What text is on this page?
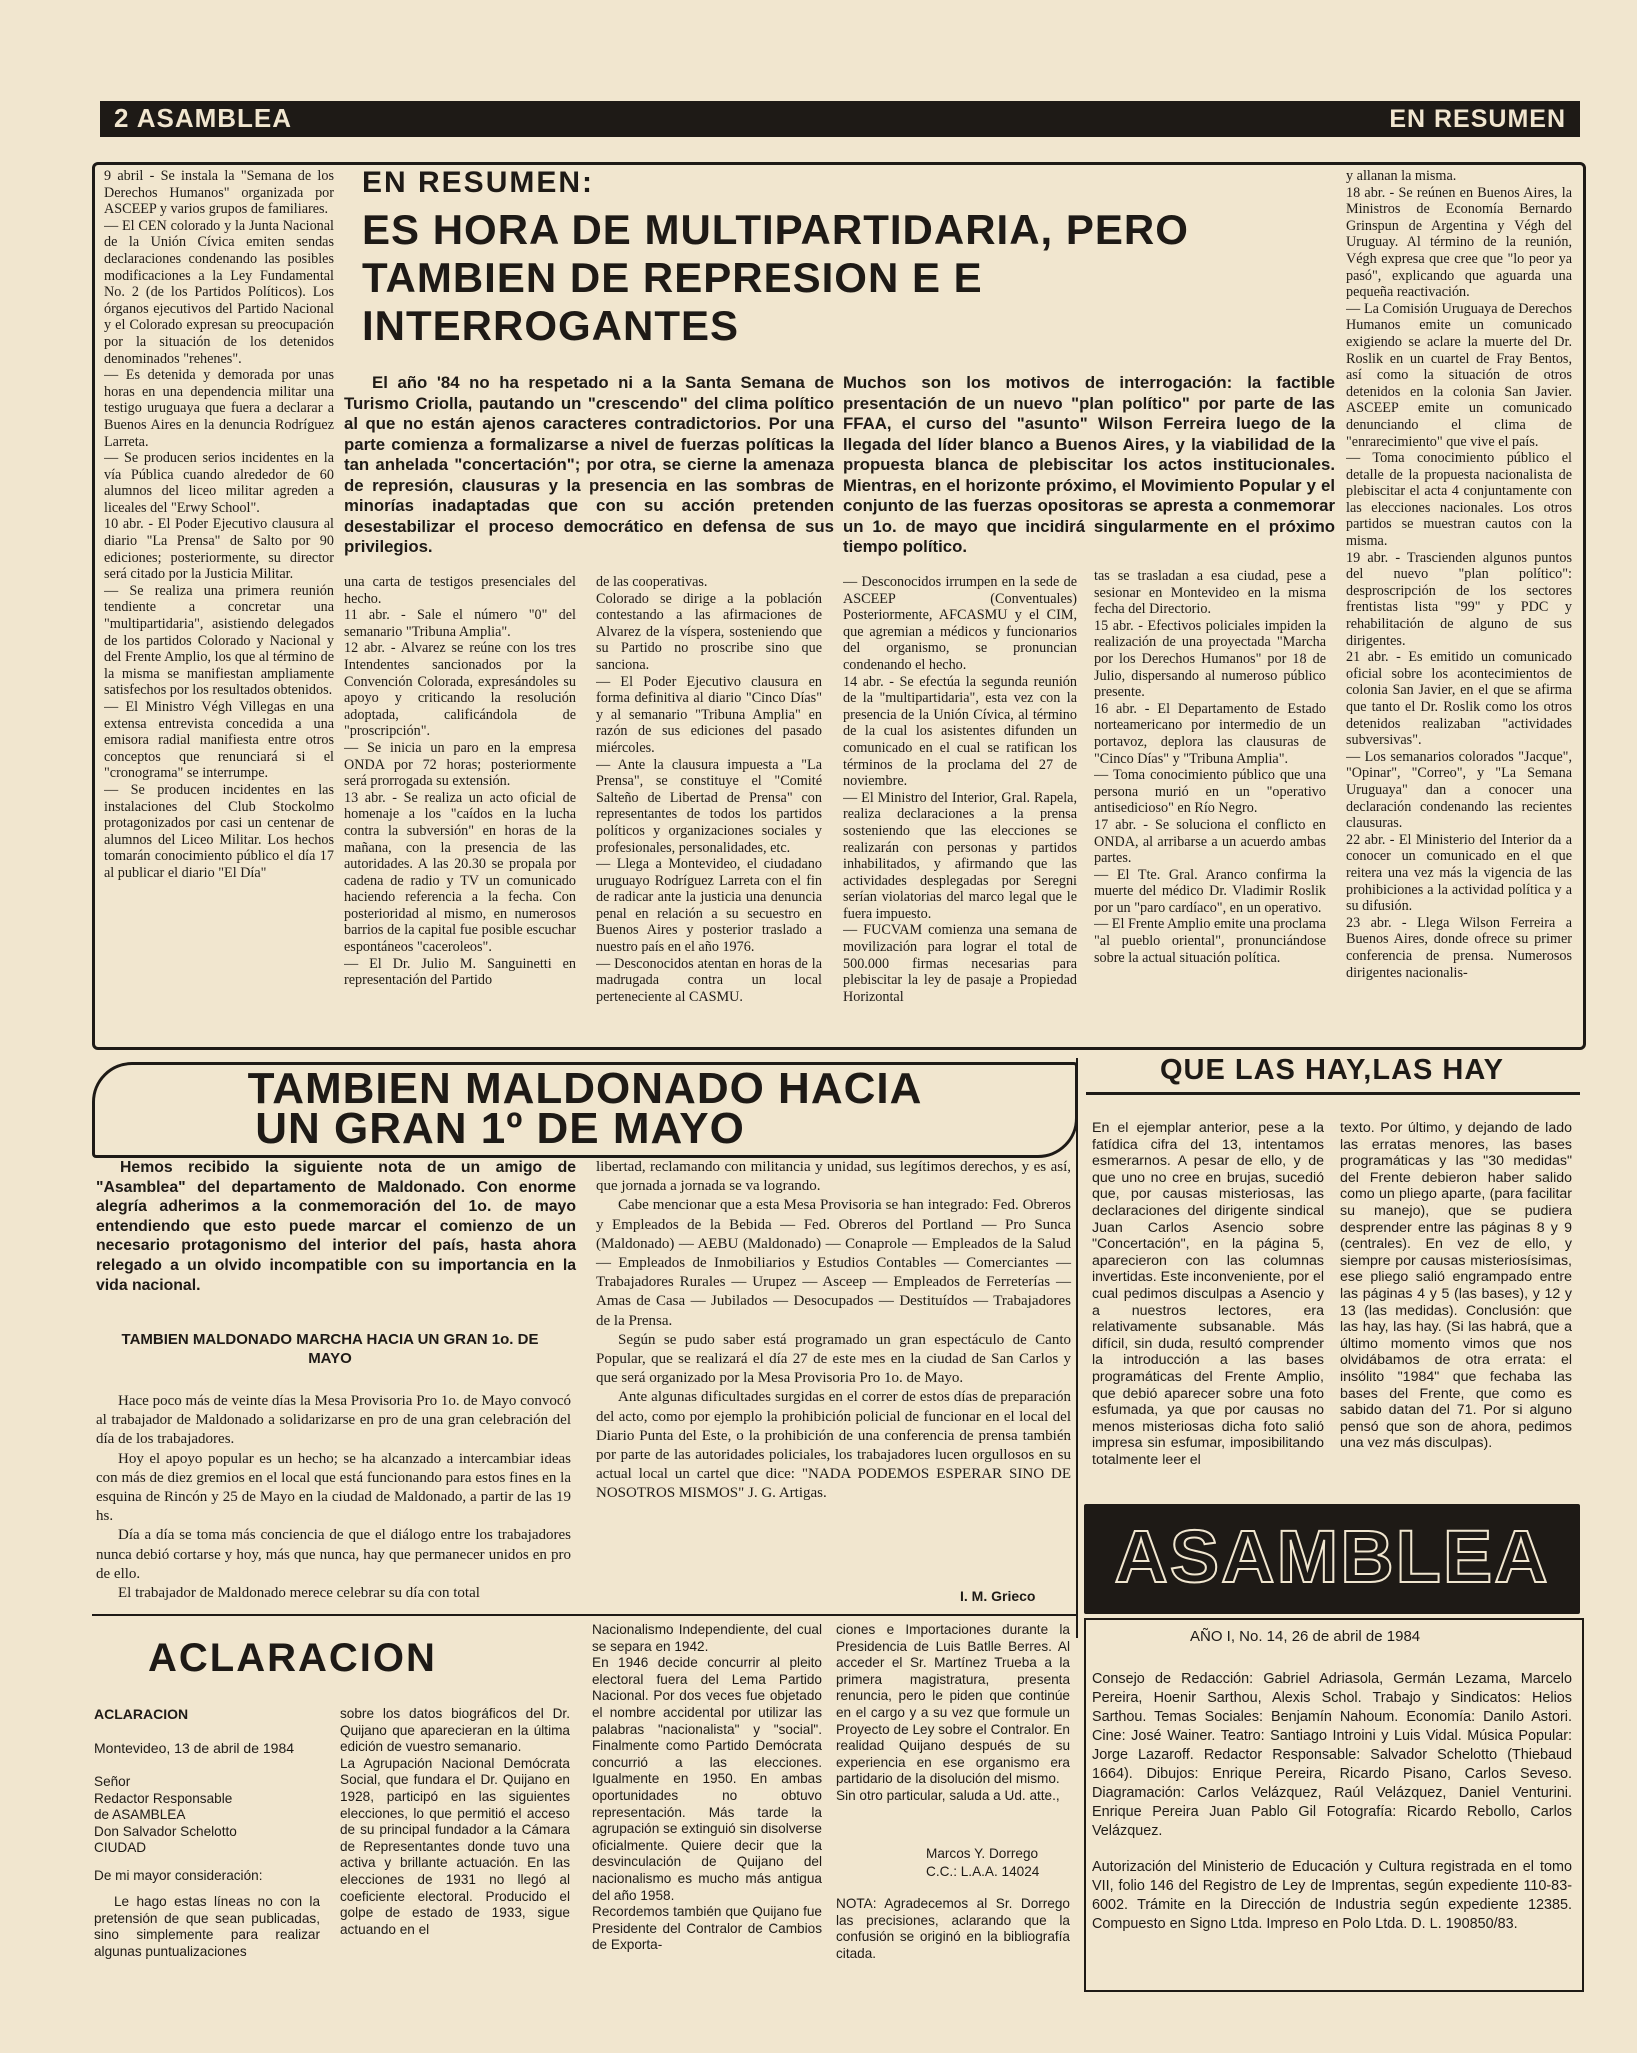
2 ASAMBLEA	EN RESUMEN
EN RESUMEN:
ES HORA DE MULTIPARTIDARIA, PERO TAMBIEN DE REPRESION E E INTERROGANTES
El año '84 no ha respetado ni a la Santa Semana de Turismo Criolla, pautando un "crescendo" del clima político al que no están ajenos caracteres contradictorios. Por una parte comienza a formalizarse a nivel de fuerzas políticas la tan anhelada "concertación"; por otra, se cierne la amenaza de represión, clausuras y la presencia en las sombras de minorías inadaptadas que con su acción pretenden desestabilizar el proceso democrático en defensa de sus privilegios.
Muchos son los motivos de interrogación: la factible presentación de un nuevo "plan político" por parte de las FFAA, el curso del "asunto" Wilson Ferreira luego de la llegada del líder blanco a Buenos Aires, y la viabilidad de la propuesta blanca de plebiscitar los actos institucionales. Mientras, en el horizonte próximo, el Movimiento Popular y el conjunto de las fuerzas opositoras se apresta a conmemorar un 1o. de mayo que incidirá singularmente en el próximo tiempo político.
9 abril - Se instala la "Semana de los Derechos Humanos" organizada por ASCEEP y varios grupos de familiares.
— El CEN colorado y la Junta Nacional de la Unión Cívica emiten sendas declaraciones condenando las posibles modificaciones a la Ley Fundamental No. 2 (de los Partidos Políticos). Los órganos ejecutivos del Partido Nacional y el Colorado expresan su preocupación por la situación de los detenidos denominados "rehenes".
— Es detenida y demorada por unas horas en una dependencia militar una testigo uruguaya que fuera a declarar a Buenos Aires en la denuncia Rodríguez Larreta.
— Se producen serios incidentes en la vía Pública cuando alrededor de 60 alumnos del liceo militar agreden a liceales del "Erwy School".
10 abr. - El Poder Ejecutivo clausura al diario "La Prensa" de Salto por 90 ediciones; posteriormente, su director será citado por la Justicia Militar.
— Se realiza una primera reunión tendiente a concretar una "multipartidaria", asistiendo delegados de los partidos Colorado y Nacional y del Frente Amplio, los que al término de la misma se manifiestan ampliamente satisfechos por los resultados obtenidos.
— El Ministro Végh Villegas en una extensa entrevista concedida a una emisora radial manifiesta entre otros conceptos que renunciará si el "cronograma" se interrumpe.
— Se producen incidentes en las instalaciones del Club Stockolmo protagonizados por casi un centenar de alumnos del Liceo Militar. Los hechos tomarán conocimiento público el día 17 al publicar el diario "El Día"
una carta de testigos presenciales del hecho.
11 abr. - Sale el número "0" del semanario "Tribuna Amplia".
12 abr. - Alvarez se reúne con los tres Intendentes sancionados por la Convención Colorada, expresándoles su apoyo y criticando la resolución adoptada, calificándola de "proscripción".
— Se inicia un paro en la empresa ONDA por 72 horas; posteriormente será prorrogada su extensión.
13 abr. - Se realiza un acto oficial de homenaje a los "caídos en la lucha contra la subversión" en horas de la mañana, con la presencia de las autoridades. A las 20.30 se propala por cadena de radio y TV un comunicado haciendo referencia a la fecha. Con posterioridad al mismo, en numerosos barrios de la capital fue posible escuchar espontáneos "caceroleos".
— El Dr. Julio M. Sanguinetti en representación del Partido
de las cooperativas.
Colorado se dirige a la población contestando a las afirmaciones de Alvarez de la víspera, sosteniendo que su Partido no proscribe sino que sanciona.
— El Poder Ejecutivo clausura en forma definitiva al diario "Cinco Días" y al semanario "Tribuna Amplia" en razón de sus ediciones del pasado miércoles.
— Ante la clausura impuesta a "La Prensa", se constituye el "Comité Salteño de Libertad de Prensa" con representantes de todos los partidos políticos y organizaciones sociales y profesionales, personalidades, etc.
— Llega a Montevideo, el ciudadano uruguayo Rodríguez Larreta con el fin de radicar ante la justicia una denuncia penal en relación a su secuestro en Buenos Aires y posterior traslado a nuestro país en el año 1976.
— Desconocidos atentan en horas de la madrugada contra un local perteneciente al CASMU.
— Desconocidos irrumpen en la sede de ASCEEP (Conventuales) Posteriormente, AFCASMU y el CIM, que agremian a médicos y funcionarios del organismo, se pronuncian condenando el hecho.
14 abr. - Se efectúa la segunda reunión de la "multipartidaria", esta vez con la presencia de la Unión Cívica, al término de la cual los asistentes difunden un comunicado en el cual se ratifican los términos de la proclama del 27 de noviembre.
— El Ministro del Interior, Gral. Rapela, realiza declaraciones a la prensa sosteniendo que las elecciones se realizarán con personas y partidos inhabilitados, y afirmando que las actividades desplegadas por Seregni serían violatorias del marco legal que le fuera impuesto.
— FUCVAM comienza una semana de movilización para lograr el total de 500.000 firmas necesarias para plebiscitar la ley de pasaje a Propiedad Horizontal
tas se trasladan a esa ciudad, pese a sesionar en Montevideo en la misma fecha del Directorio.
15 abr. - Efectivos policiales impiden la realización de una proyectada "Marcha por los Derechos Humanos" por 18 de Julio, dispersando al numeroso público presente.
16 abr. - El Departamento de Estado norteamericano por intermedio de un portavoz, deplora las clausuras de "Cinco Días" y "Tribuna Amplia".
— Toma conocimiento público que una persona murió en un "operativo antisedicioso" en Río Negro.
17 abr. - Se soluciona el conflicto en ONDA, al arribarse a un acuerdo ambas partes.
— El Tte. Gral. Aranco confirma la muerte del médico Dr. Vladimir Roslik por un "paro cardíaco", en un operativo.
— El Frente Amplio emite una proclama "al pueblo oriental", pronunciándose sobre la actual situación política.
y allanan la misma.
18 abr. - Se reúnen en Buenos Aires, la Ministros de Economía Bernardo Grinspun de Argentina y Végh del Uruguay. Al término de la reunión, Végh expresa que cree que "lo peor ya pasó", explicando que aguarda una pequeña reactivación.
— La Comisión Uruguaya de Derechos Humanos emite un comunicado exigiendo se aclare la muerte del Dr. Roslik en un cuartel de Fray Bentos, así como la situación de otros detenidos en la colonia San Javier. ASCEEP emite un comunicado denunciando el clima de "enrarecimiento" que vive el país.
— Toma conocimiento público el detalle de la propuesta nacionalista de plebiscitar el acta 4 conjuntamente con las elecciones nacionales. Los otros partidos se muestran cautos con la misma.
19 abr. - Trascienden algunos puntos del nuevo "plan político": desproscripción de los sectores frentistas lista "99" y PDC y rehabilitación de alguno de sus dirigentes.
21 abr. - Es emitido un comunicado oficial sobre los acontecimientos de colonia San Javier, en el que se afirma que tanto el Dr. Roslik como los otros detenidos realizaban "actividades subversivas".
— Los semanarios colorados "Jacque", "Opinar", "Correo", y "La Semana Uruguaya" dan a conocer una declaración condenando las recientes clausuras.
22 abr. - El Ministerio del Interior da a conocer un comunicado en el que reitera una vez más la vigencia de las prohibiciones a la actividad política y a su difusión.
23 abr. - Llega Wilson Ferreira a Buenos Aires, donde ofrece su primer conferencia de prensa. Numerosos dirigentes nacionalis-
TAMBIEN MALDONADO HACIA
UN GRAN 1º DE MAYO
Hemos recibido la siguiente nota de un amigo de "Asamblea" del departamento de Maldonado. Con enorme alegría adherimos a la conmemoración del 1o. de mayo entendiendo que esto puede marcar el comienzo de un necesario protagonismo del interior del país, hasta ahora relegado a un olvido incompatible con su importancia en la vida nacional.
TAMBIEN MALDONADO MARCHA HACIA UN GRAN 1o. DE MAYO

Hace poco más de veinte días la Mesa Provisoria Pro 1o. de Mayo convocó al trabajador de Maldonado a solidarizarse en pro de una gran celebración del día de los trabajadores.

Hoy el apoyo popular es un hecho; se ha alcanzado a intercambiar ideas con más de diez gremios en el local que está funcionando para estos fines en la esquina de Rincón y 25 de Mayo en la ciudad de Maldonado, a partir de las 19 hs.

Día a día se toma más conciencia de que el diálogo entre los trabajadores nunca debió cortarse y hoy, más que nunca, hay que permanecer unidos en pro de ello.

El trabajador de Maldonado merece celebrar su día con total

libertad, reclamando con militancia y unidad, sus legítimos derechos, y es así, que jornada a jornada se va logrando.

Cabe mencionar que a esta Mesa Provisoria se han integrado: Fed. Obreros y Empleados de la Bebida — Fed. Obreros del Portland — Pro Sunca (Maldonado) — AEBU (Maldonado) — Conaprole — Empleados de la Salud — Empleados de Inmobiliarios y Estudios Contables — Comerciantes — Trabajadores Rurales — Urupez — Asceep — Empleados de Ferreterías — Amas de Casa — Jubilados — Desocupados — Destituídos — Trabajadores de la Prensa.

Según se pudo saber está programado un gran espectáculo de Canto Popular, que se realizará el día 27 de este mes en la ciudad de San Carlos y que será organizado por la Mesa Provisoria Pro 1o. de Mayo.

Ante algunas dificultades surgidas en el correr de estos días de preparación del acto, como por ejemplo la prohibición policial de funcionar en el local del Diario Punta del Este, o la prohibición de una conferencia de prensa también por parte de las autoridades policiales, los trabajadores lucen orgullosos en su actual local un cartel que dice: "NADA PODEMOS ESPERAR SINO DE NOSOTROS MISMOS" J. G. Artigas.

I. M. Grieco
QUE LAS HAY,LAS HAY
En el ejemplar anterior, pese a la fatídica cifra del 13, intentamos esmerarnos. A pesar de ello, y de que uno no cree en brujas, sucedió que, por causas misteriosas, las declaraciones del dirigente sindical Juan Carlos Asencio sobre "Concertación", en la página 5, aparecieron con las columnas invertidas. Este inconveniente, por el cual pedimos disculpas a Asencio y a nuestros lectores, era relativamente subsanable. Más difícil, sin duda, resultó comprender la introducción a las bases programáticas del Frente Amplio, que debió aparecer sobre una foto esfumada, ya que por causas no menos misteriosas dicha foto salió impresa sin esfumar, imposibilitando totalmente leer el
texto. Por último, y dejando de lado las erratas menores, las bases programáticas y las "30 medidas" del Frente debieron haber salido como un pliego aparte, (para facilitar su manejo), que se pudiera desprender entre las páginas 8 y 9 (centrales). En vez de ello, y siempre por causas misteriosísimas, ese pliego salió engrampado entre las páginas 4 y 5 (las bases), y 12 y 13 (las medidas). Conclusión: que las hay, las hay. (Si las habrá, que a último momento vimos que nos olvidábamos de otra errata: el insólito "1984" que fechaba las bases del Frente, que como es sabido datan del 71. Por si alguno pensó que son de ahora, pedimos una vez más disculpas).
ASAMBLEA
AÑO I, No. 14, 26 de abril de 1984
Consejo de Redacción: Gabriel Adriasola, Germán Lezama, Marcelo Pereira, Hoenir Sarthou, Alexis Schol. Trabajo y Sindicatos: Helios Sarthou. Temas Sociales: Benjamín Nahoum. Economía: Danilo Astori. Cine: José Wainer. Teatro: Santiago Introini y Luis Vidal. Música Popular: Jorge Lazaroff. Redactor Responsable: Salvador Schelotto (Thiebaud 1664). Dibujos: Enrique Pereira, Ricardo Pisano, Carlos Seveso. Diagramación: Carlos Velázquez, Raúl Velázquez, Daniel Venturini. Enrique Pereira Juan Pablo Gil Fotografía: Ricardo Rebollo, Carlos Velázquez.
Autorización del Ministerio de Educación y Cultura registrada en el tomo VII, folio 146 del Registro de Ley de Imprentas, según expediente 110-83-6002. Trámite en la Dirección de Industria según expediente 12385. Compuesto en Signo Ltda. Impreso en Polo Ltda. D. L. 190850/83.
ACLARACION
ACLARACION
Montevideo, 13 de abril de 1984
Señor
Redactor Responsable
de ASAMBLEA
Don Salvador Schelotto
CIUDAD
De mi mayor consideración:
Le hago estas líneas no con la pretensión de que sean publicadas, sino simplemente para realizar algunas puntualizaciones
sobre los datos biográficos del Dr. Quijano que aparecieran en la última edición de vuestro semanario.
La Agrupación Nacional Demócrata Social, que fundara el Dr. Quijano en 1928, participó en las siguientes elecciones, lo que permitió el acceso de su principal fundador a la Cámara de Representantes donde tuvo una activa y brillante actuación. En las elecciones de 1931 no llegó al coeficiente electoral. Producido el golpe de estado de 1933, sigue actuando en el
Nacionalismo Independiente, del cual se separa en 1942.
En 1946 decide concurrir al pleito electoral fuera del Lema Partido Nacional. Por dos veces fue objetado el nombre accidental por utilizar las palabras "nacionalista" y "social". Finalmente como Partido Demócrata concurrió a las elecciones. Igualmente en 1950. En ambas oportunidades no obtuvo representación. Más tarde la agrupación se extinguió sin disolverse oficialmente. Quiere decir que la desvinculación de Quijano del nacionalismo es mucho más antigua del año 1958.
Recordemos también que Quijano fue Presidente del Contralor de Cambios de Exporta-
ciones e Importaciones durante la Presidencia de Luis Batlle Berres. Al acceder el Sr. Martínez Trueba a la primera magistratura, presenta renuncia, pero le piden que continúe en el cargo y a su vez que formule un Proyecto de Ley sobre el Contralor. En realidad Quijano después de su experiencia en ese organismo era partidario de la disolución del mismo.
Sin otro particular, saluda a Ud. atte.,
Marcos Y. Dorrego
C.C.: L.A.A. 14024
NOTA: Agradecemos al Sr. Dorrego las precisiones, aclarando que la confusión se originó en la bibliografía citada.
